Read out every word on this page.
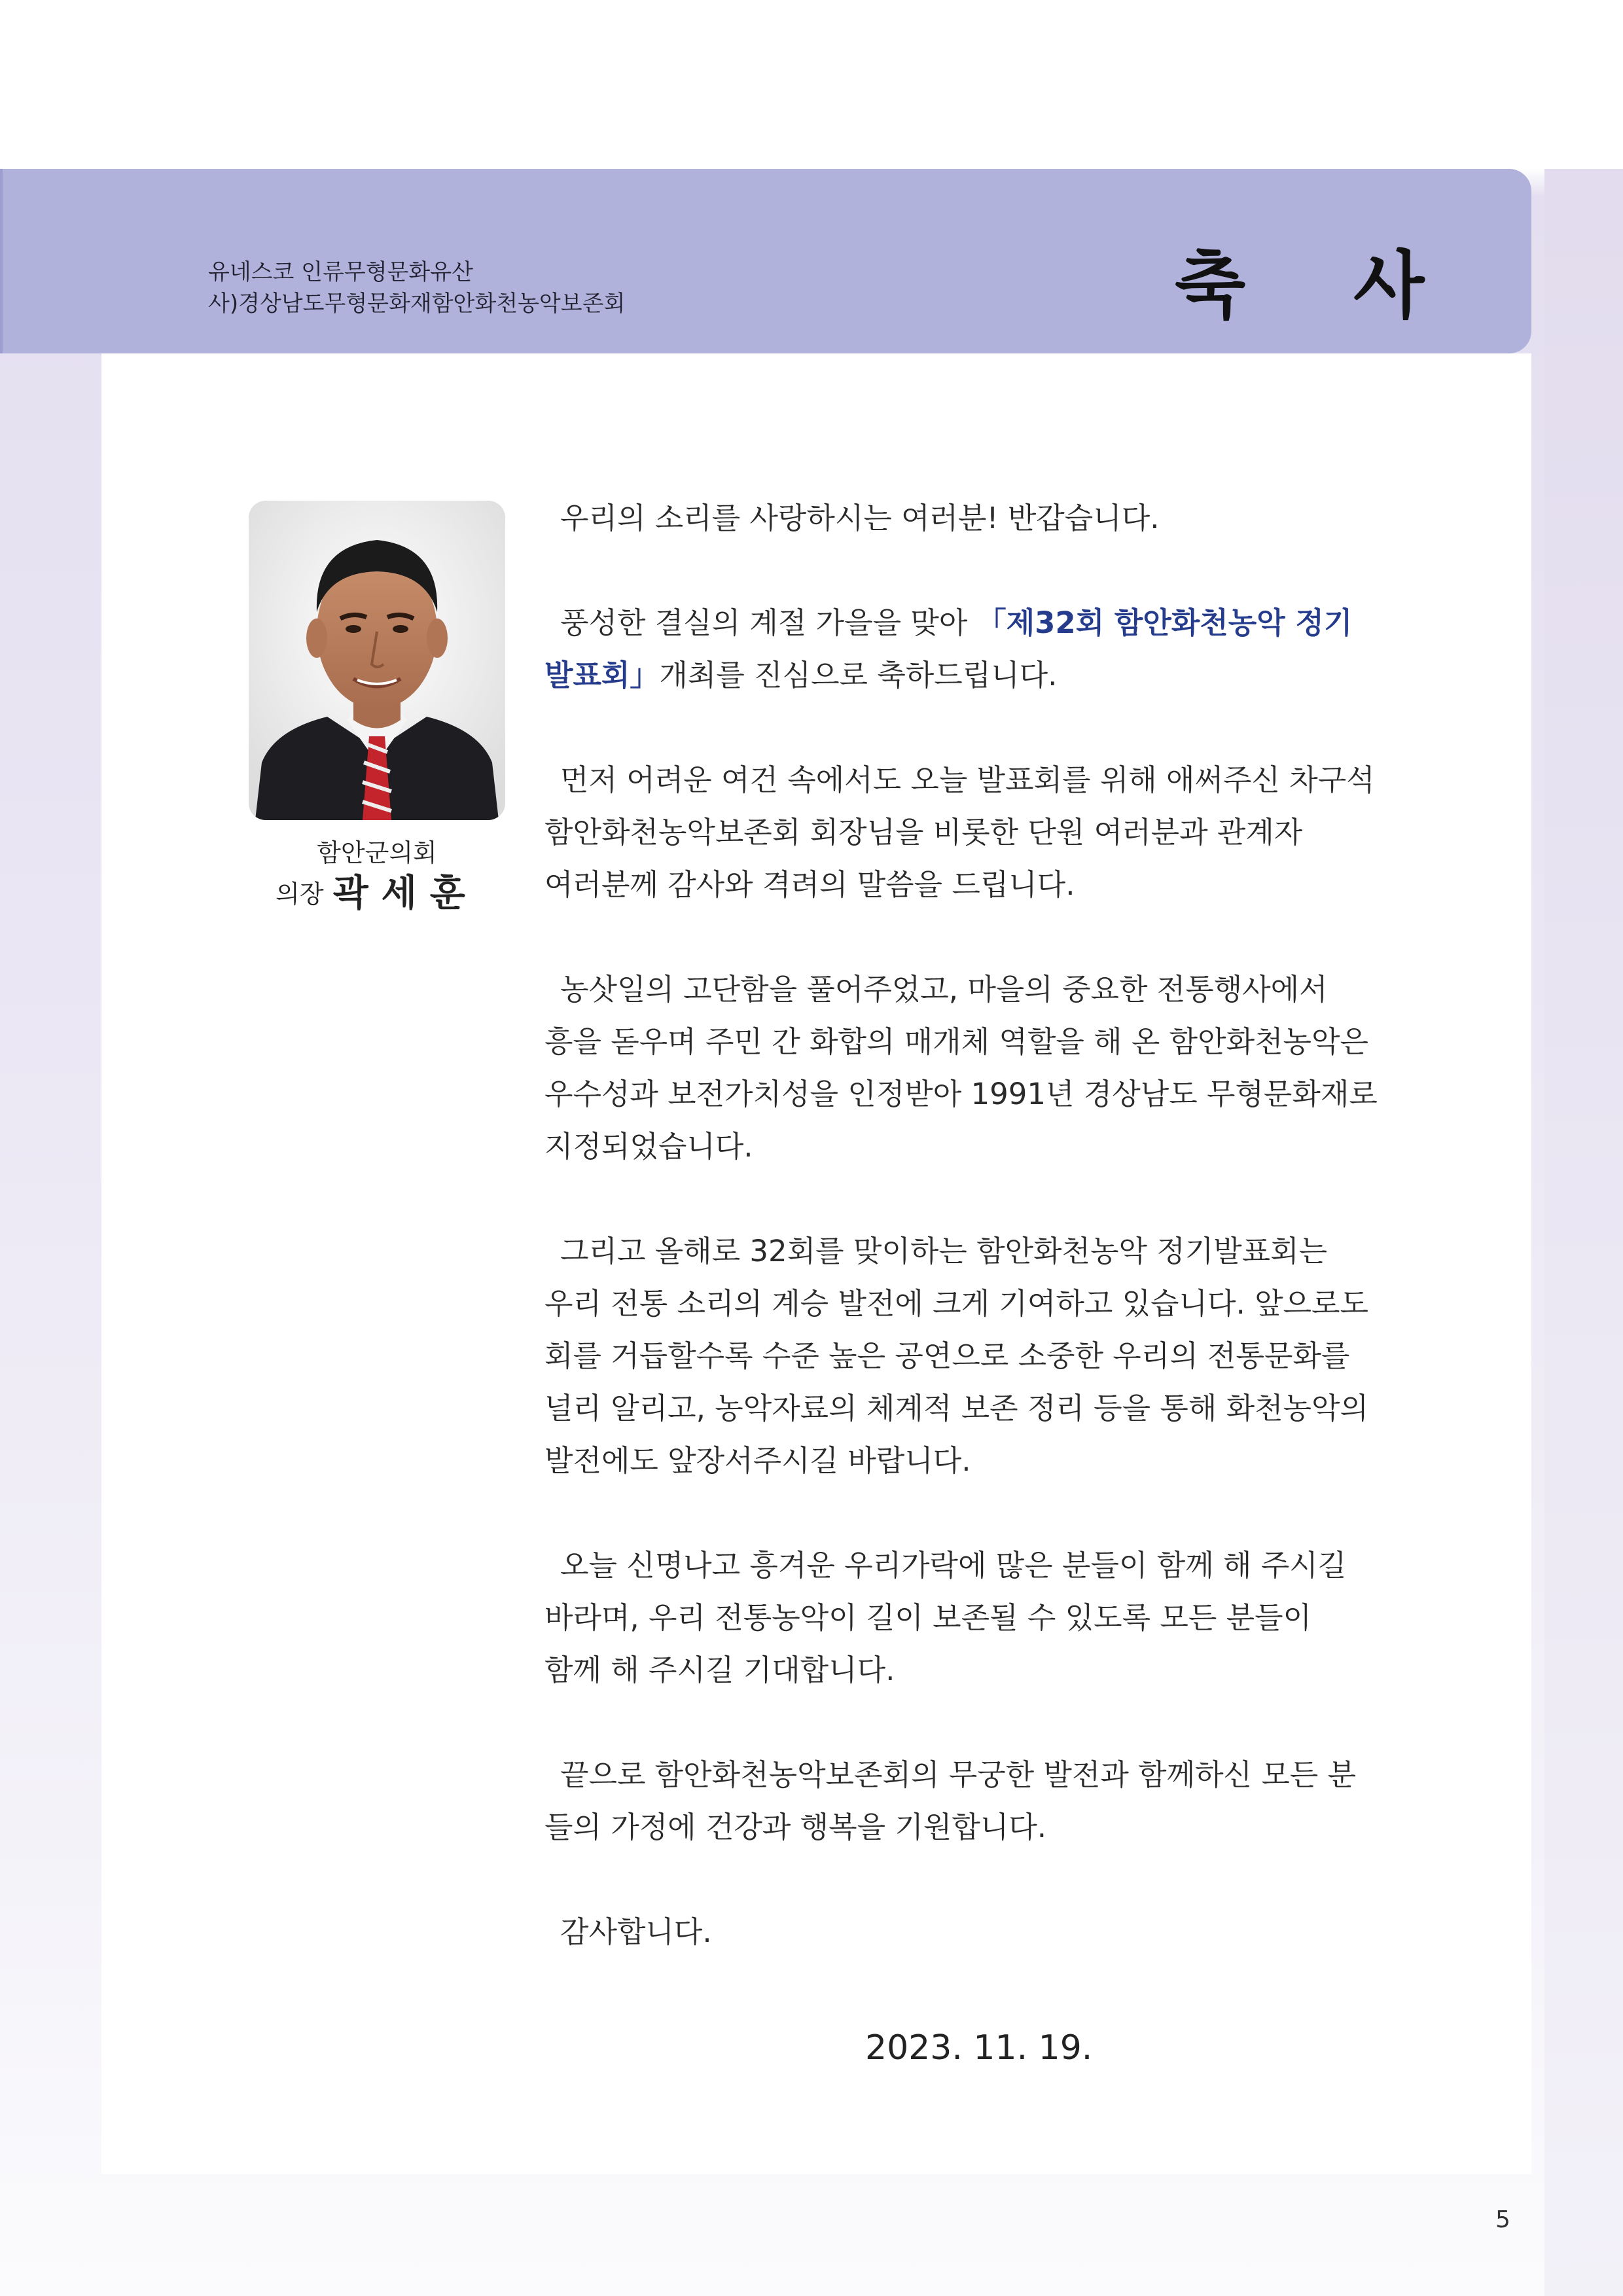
유네스코 인류무형문화유산
사)경상남도무형문화재함안화천농악보존회	축사
함안군의회
의장 곽세훈

우리의 소리를 사랑하시는 여러분! 반갑습니다.

풍성한 결실의 계절 가을을 맞아 「제32회 함안화천농악 정기
발표회」개최를 진심으로 축하드립니다.

먼저 어려운 여건 속에서도 오늘 발표회를 위해 애써주신 차구석
함안화천농악보존회 회장님을 비롯한 단원 여러분과 관계자
여러분께 감사와 격려의 말씀을 드립니다.

농삿일의 고단함을 풀어주었고, 마을의 중요한 전통행사에서
흥을 돋우며 주민 간 화합의 매개체 역할을 해 온 함안화천농악은
우수성과 보전가치성을 인정받아 1991년 경상남도 무형문화재로
지정되었습니다.

그리고 올해로 32회를 맞이하는 함안화천농악 정기발표회는
우리 전통 소리의 계승 발전에 크게 기여하고 있습니다. 앞으로도
회를 거듭할수록 수준 높은 공연으로 소중한 우리의 전통문화를
널리 알리고, 농악자료의 체계적 보존 정리 등을 통해 화천농악의
발전에도 앞장서주시길 바랍니다.

오늘 신명나고 흥겨운 우리가락에 많은 분들이 함께 해 주시길
바라며, 우리 전통농악이 길이 보존될 수 있도록 모든 분들이
함께 해 주시길 기대합니다.

끝으로 함안화천농악보존회의 무궁한 발전과 함께하신 모든 분
들의 가정에 건강과 행복을 기원합니다.

감사합니다.

2023. 11. 19.
5
